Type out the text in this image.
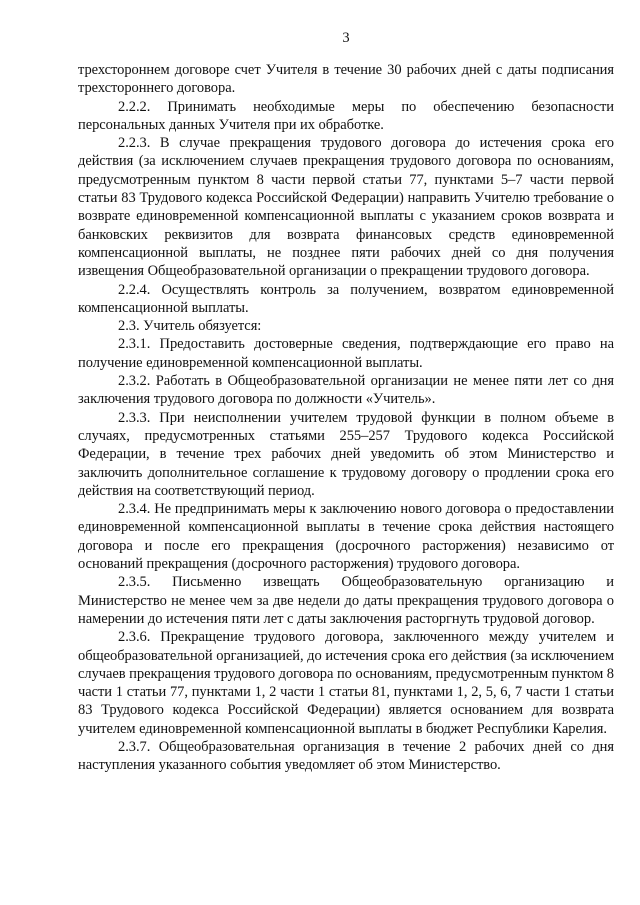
3

трехстороннем договоре счет Учителя в течение 30 рабочих дней с даты подписания трехстороннего договора.

2.2.2. Принимать необходимые меры по обеспечению безопасности персональных данных Учителя при их обработке.

2.2.3. В случае прекращения трудового договора до истечения срока его действия (за исключением случаев прекращения трудового договора по основаниям, предусмотренным пунктом 8 части первой статьи 77, пунктами 5–7 части первой статьи 83 Трудового кодекса Российской Федерации) направить Учителю требование о возврате единовременной компенсационной выплаты с указанием сроков возврата и банковских реквизитов для возврата финансовых средств единовременной компенсационной выплаты, не позднее пяти рабочих дней со дня получения извещения Общеобразовательной организации о прекращении трудового договора.

2.2.4. Осуществлять контроль за получением, возвратом единовременной компенсационной выплаты.

2.3. Учитель обязуется:

2.3.1. Предоставить достоверные сведения, подтверждающие его право на получение единовременной компенсационной выплаты.

2.3.2. Работать в Общеобразовательной организации не менее пяти лет со дня заключения трудового договора по должности «Учитель».

2.3.3. При неисполнении учителем трудовой функции в полном объеме в случаях, предусмотренных статьями 255–257 Трудового кодекса Российской Федерации, в течение трех рабочих дней уведомить об этом Министерство и заключить дополнительное соглашение к трудовому договору о продлении срока его действия на соответствующий период.

2.3.4. Не предпринимать меры к заключению нового договора о предоставлении единовременной компенсационной выплаты в течение срока действия настоящего договора и после его прекращения (досрочного расторжения) независимо от оснований прекращения (досрочного расторжения) трудового договора.

2.3.5. Письменно извещать Общеобразовательную организацию и Министерство не менее чем за две недели до даты прекращения трудового договора о намерении до истечения пяти лет с даты заключения расторгнуть трудовой договор.

2.3.6. Прекращение трудового договора, заключенного между учителем и общеобразовательной организацией, до истечения срока его действия (за исключением случаев прекращения трудового договора по основаниям, предусмотренным пунктом 8 части 1 статьи 77, пунктами 1, 2 части 1 статьи 81, пунктами 1, 2, 5, 6, 7 части 1 статьи 83 Трудового кодекса Российской Федерации) является основанием для возврата учителем единовременной компенсационной выплаты в бюджет Республики Карелия.

2.3.7. Общеобразовательная организация в течение 2 рабочих дней со дня наступления указанного события уведомляет об этом Министерство.
